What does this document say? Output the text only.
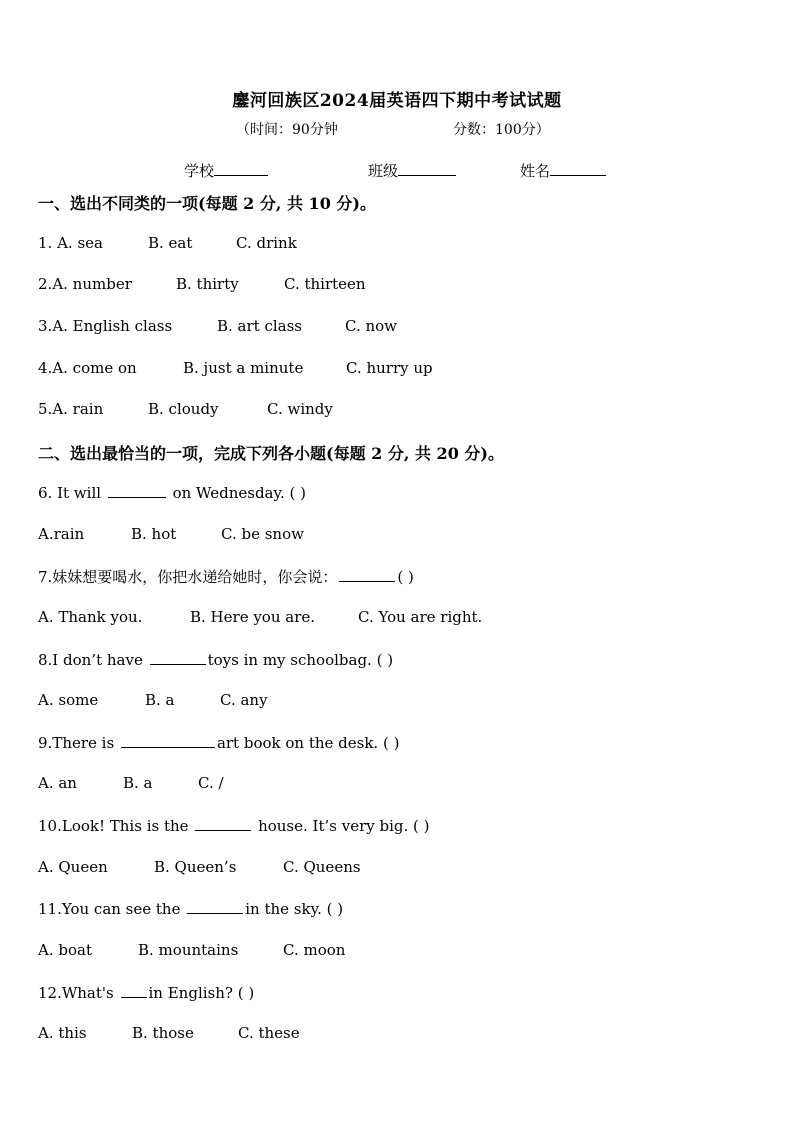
鏖河回族区2024届英语四下期中考试试题
（时间：90分钟	分数：100分）
学校	班级	姓名
一、选出不同类的一项(每题 2 分, 共 10 分)。
1. A. sea	B. eat	C. drink
2.A. number	B. thirty	C. thirteen
3.A. English class	B. art class	C. now
4.A. come on	B. just a minute	C. hurry up
5.A. rain	B. cloudy	C. windy
二、选出最恰当的一项，完成下列各小题(每题 2 分, 共 20 分)。
6. It will	on Wednesday. ( )
A.rain	B. hot	C. be snow
7.妹妹想要喝水，你把水递给她时，你会说：	( )
A. Thank you.	B. Here you are.	C. You are right.
8.I don’t have	toys in my schoolbag. ( )
A. some	B. a	C. any
9.There is	art book on the desk. ( )
A. an	B. a	C. /
10.Look! This is the	house. It’s very big. ( )
A. Queen	B. Queen’s	C. Queens
11.You can see the	in the sky. ( )
A. boat	B. mountains	C. moon
12.What's in English? ( )
A. this	B. those	C. these
